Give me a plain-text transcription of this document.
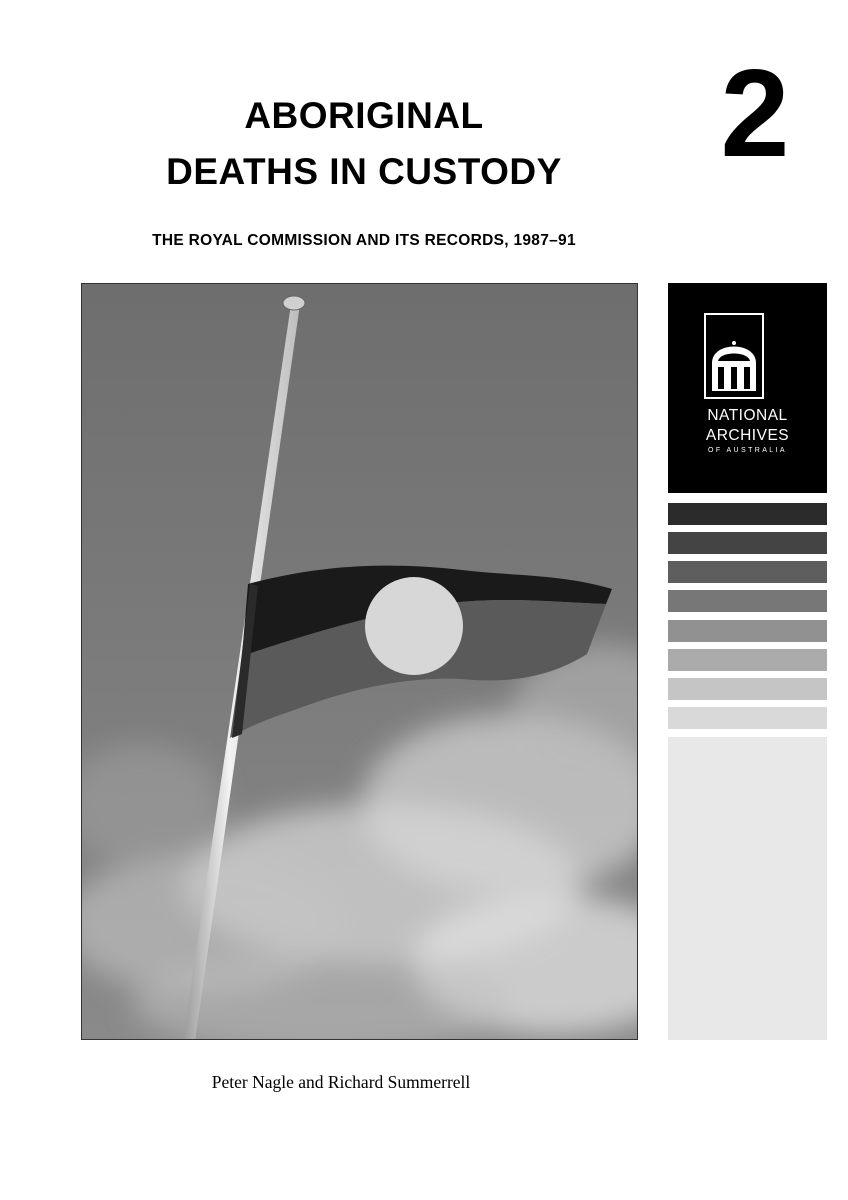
ABORIGINAL
DEATHS IN CUSTODY	2
THE ROYAL COMMISSION AND ITS RECORDS, 1987–91
NATIONAL
ARCHIVES
OF AUSTRALIA
Peter Nagle and Richard Summerrell
